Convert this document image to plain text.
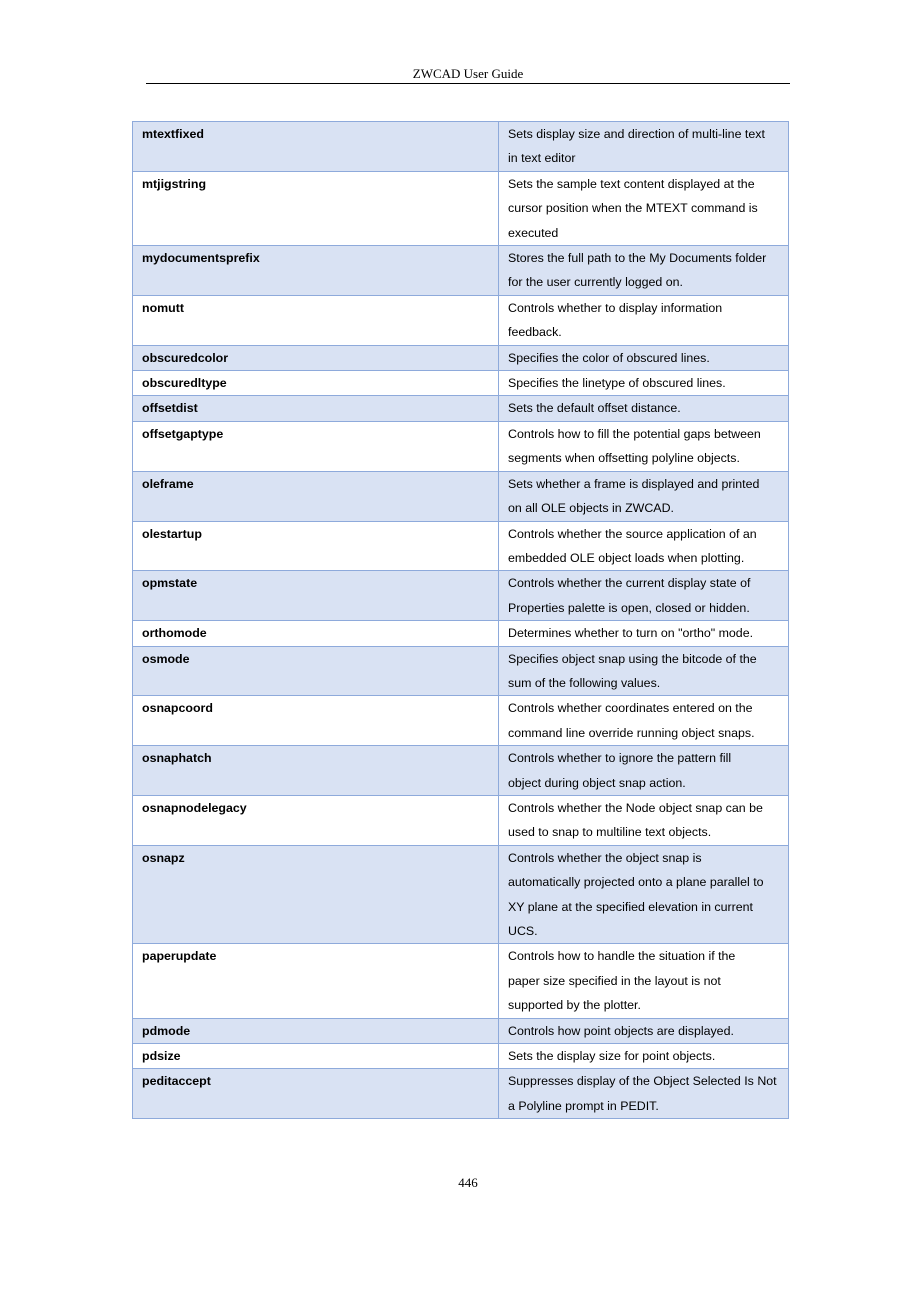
ZWCAD User Guide
mtextfixed	Sets display size and direction of multi-line text
in text editor

mtjigstring	Sets the sample text content displayed at the
cursor position when the MTEXT command is
executed

mydocumentsprefix	Stores the full path to the My Documents folder
for the user currently logged on.

nomutt	Controls whether to display information
feedback.

obscuredcolor	Specifies the color of obscured lines.

obscuredltype	Specifies the linetype of obscured lines.

offsetdist	Sets the default offset distance.

offsetgaptype	Controls how to fill the potential gaps between
segments when offsetting polyline objects.

oleframe	Sets whether a frame is displayed and printed
on all OLE objects in ZWCAD.

olestartup	Controls whether the source application of an
embedded OLE object loads when plotting.

opmstate	Controls whether the current display state of
Properties palette is open, closed or hidden.

orthomode	Determines whether to turn on "ortho" mode.

osmode	Specifies object snap using the bitcode of the
sum of the following values.

osnapcoord	Controls whether coordinates entered on the
command line override running object snaps.

osnaphatch	Controls whether to ignore the pattern fill
object during object snap action.

osnapnodelegacy	Controls whether the Node object snap can be
used to snap to multiline text objects.

osnapz	Controls whether the object snap is
automatically projected onto a plane parallel to
XY plane at the specified elevation in current
UCS.

paperupdate	Controls how to handle the situation if the
paper size specified in the layout is not
supported by the plotter.

pdmode	Controls how point objects are displayed.

pdsize	Sets the display size for point objects.

peditaccept	Suppresses display of the Object Selected Is Not
a Polyline prompt in PEDIT.
446
